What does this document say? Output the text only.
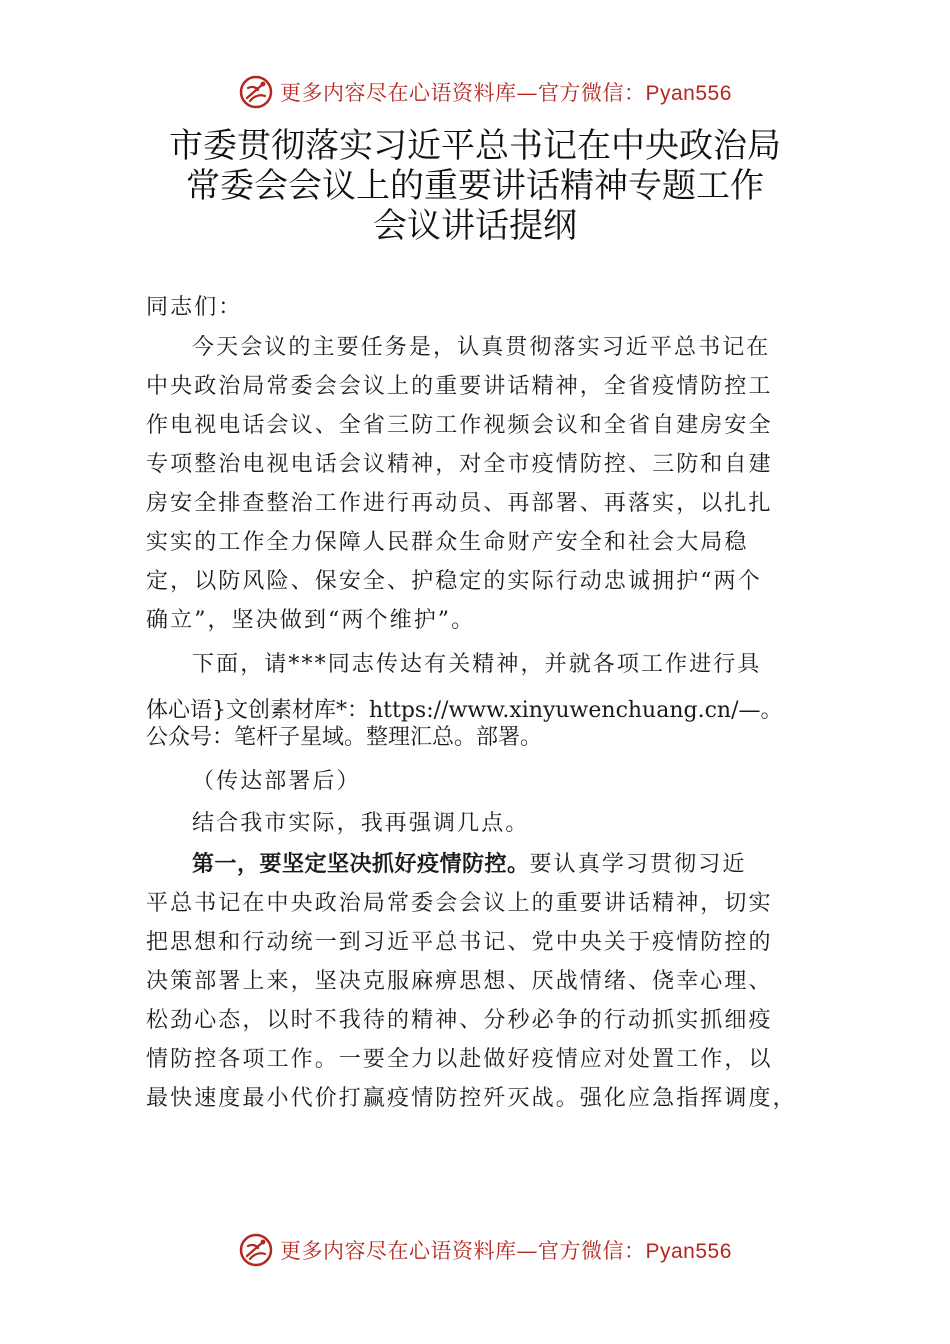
更多内容尽在心语资料库—官方微信：Pyan556
市委贯彻落实习近平总书记在中央政治局
常委会会议上的重要讲话精神专题工作
会议讲话提纲
同志们：
今天会议的主要任务是，认真贯彻落实习近平总书记在
中央政治局常委会会议上的重要讲话精神，全省疫情防控工
作电视电话会议、全省三防工作视频会议和全省自建房安全
专项整治电视电话会议精神，对全市疫情防控、三防和自建
房安全排查整治工作进行再动员、再部署、再落实，以扎扎
实实的工作全力保障人民群众生命财产安全和社会大局稳
定，以防风险、保安全、护稳定的实际行动忠诚拥护“两个
确立”，坚决做到“两个维护”。
下面，请***同志传达有关精神，并就各项工作进行具
体心语}文创素材库*：https://www.xinyuwenchuang.cn/—。
公众号：笔杆子星域。整理汇总。部署。
（传达部署后）
结合我市实际，我再强调几点。
第一，要坚定坚决抓好疫情防控。要认真学习贯彻习近
平总书记在中央政治局常委会会议上的重要讲话精神，切实
把思想和行动统一到习近平总书记、党中央关于疫情防控的
决策部署上来，坚决克服麻痹思想、厌战情绪、侥幸心理、
松劲心态，以时不我待的精神、分秒必争的行动抓实抓细疫
情防控各项工作。一要全力以赴做好疫情应对处置工作，以
最快速度最小代价打赢疫情防控歼灭战。强化应急指挥调度，
更多内容尽在心语资料库—官方微信：Pyan556
